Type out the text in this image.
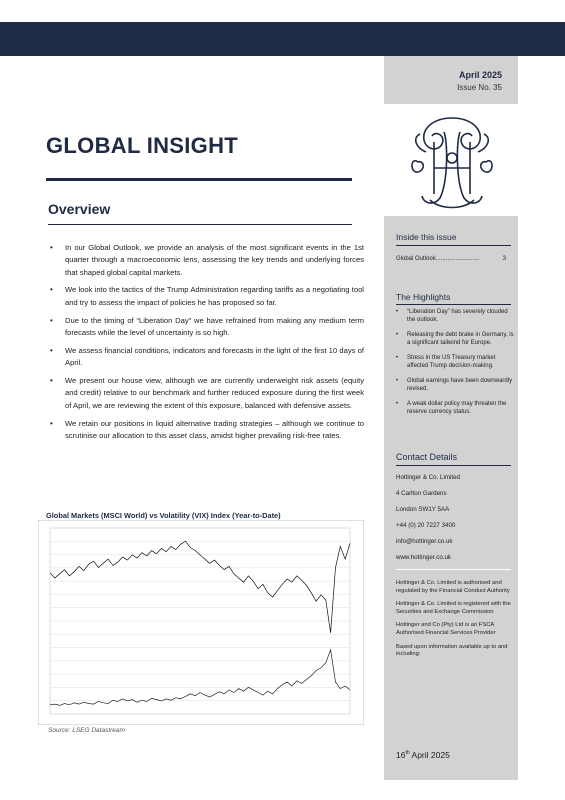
April 2025
Issue No. 35
Inside this issue
Global Outlook ..........................	3
The Highlights
• “Liberation Day” has severely clouded the outlook.
• Releasing the debt brake in Germany, is a significant tailwind for Europe.
• Stress in the US Treasury market affected Trump decision-making.
• Global earnings have been downwardly revised.
• A weak dollar policy may threaten the reserve currency status.
Contact Details
Hottinger & Co. Limited
4 Carlton Gardens
London SW1Y 5AA
+44 (0) 20 7227 3400
info@hottinger.co.uk
www.hottinger.co.uk

Hottinger & Co. Limited is authorised and regulated by the Financial Conduct Authority

Hottinger & Co. Limited is registered with the Securities and Exchange Commission

Hottinger and Co (Pty) Ltd is an FSCA Authorised Financial Services Provider

Based upon information available up to and including:

16th April 2025
GLOBAL INSIGHT
Overview
• In our Global Outlook, we provide an analysis of the most significant events in the 1st quarter through a macroeconomic lens, assessing the key trends and underlying forces that shaped global capital markets.
• We look into the tactics of the Trump Administration regarding tariffs as a negotiating tool and try to assess the impact of policies he has proposed so far.
• Due to the timing of “Liberation Day” we have refrained from making any medium term forecasts while the level of uncertainty is so high.
• We assess financial conditions, indicators and forecasts in the light of the first 10 days of April.
• We present our house view, although we are currently underweight risk assets (equity and credit) relative to our benchmark and further reduced exposure during the first week of April, we are reviewing the extent of this exposure, balanced with defensive assets.
• We retain our positions in liquid alternative trading strategies – although we continue to scrutinise our allocation to this asset class, amidst higher prevailing risk-free rates.
Global Markets (MSCI World) vs Volatility (VIX) Index (Year-to-Date)
Source: LSEG Datastream
